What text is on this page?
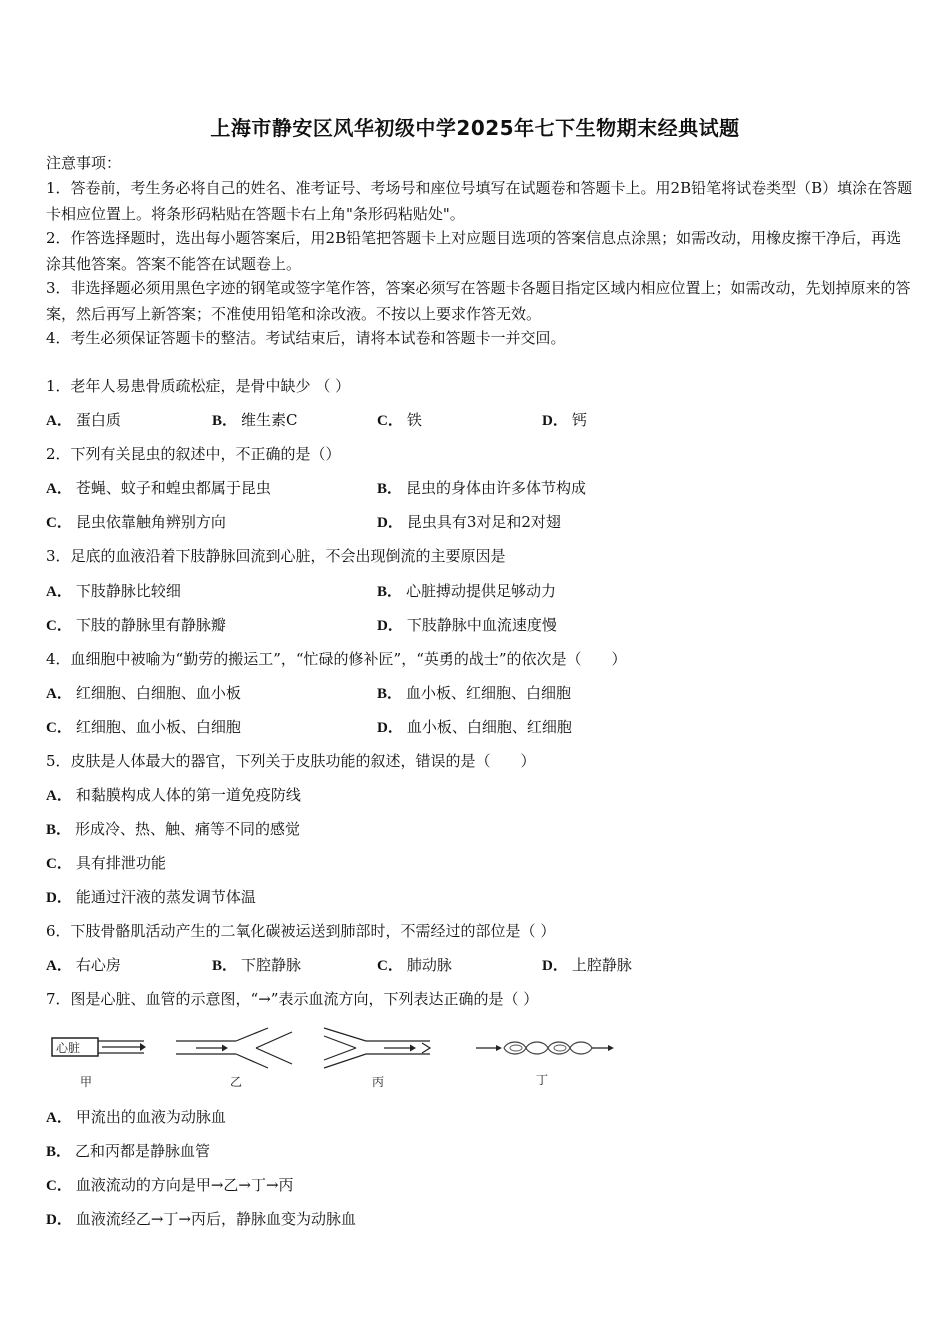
上海市静安区风华初级中学2025年七下生物期末经典试题
注意事项：
1．答卷前，考生务必将自己的姓名、准考证号、考场号和座位号填写在试题卷和答题卡上。用2B铅笔将试卷类型（B）填涂在答题卡相应位置上。将条形码粘贴在答题卡右上角"条形码粘贴处"。
2．作答选择题时，选出每小题答案后，用2B铅笔把答题卡上对应题目选项的答案信息点涂黑；如需改动，用橡皮擦干净后，再选涂其他答案。答案不能答在试题卷上。
3．非选择题必须用黑色字迹的钢笔或签字笔作答，答案必须写在答题卡各题目指定区域内相应位置上；如需改动，先划掉原来的答案，然后再写上新答案；不准使用铅笔和涂改液。不按以上要求作答无效。
4．考生必须保证答题卡的整洁。考试结束后，请将本试卷和答题卡一并交回。
1．老年人易患骨质疏松症，是骨中缺少 （ ）
A． 蛋白质	B． 维生素C	C． 铁	D． 钙
2．下列有关昆虫的叙述中，不正确的是（）
A． 苍蝇、蚊子和蝗虫都属于昆虫	B． 昆虫的身体由许多体节构成
C． 昆虫依靠触角辨别方向	D． 昆虫具有3对足和2对翅
3．足底的血液沿着下肢静脉回流到心脏，不会出现倒流的主要原因是
A． 下肢静脉比较细	B． 心脏搏动提供足够动力
C． 下肢的静脉里有静脉瓣	D． 下肢静脉中血流速度慢
4．血细胞中被喻为“勤劳的搬运工”，“忙碌的修补匠”，“英勇的战士”的依次是（　　）
A． 红细胞、白细胞、血小板	B． 血小板、红细胞、白细胞
C． 红细胞、血小板、白细胞	D． 血小板、白细胞、红细胞
5．皮肤是人体最大的器官，下列关于皮肤功能的叙述，错误的是（　　）
A． 和黏膜构成人体的第一道免疫防线
B． 形成冷、热、触、痛等不同的感觉
C． 具有排泄功能
D． 能通过汗液的蒸发调节体温
6．下肢骨骼肌活动产生的二氧化碳被运送到肺部时，不需经过的部位是（ ）
A． 右心房	B． 下腔静脉	C． 肺动脉	D． 上腔静脉
7．图是心脏、血管的示意图，“→”表示血流方向，下列表达正确的是（ ）
心脏
甲	乙	丙	丁
A． 甲流出的血液为动脉血
B． 乙和丙都是静脉血管
C． 血液流动的方向是甲→乙→丁→丙
D． 血液流经乙→丁→丙后，静脉血变为动脉血
